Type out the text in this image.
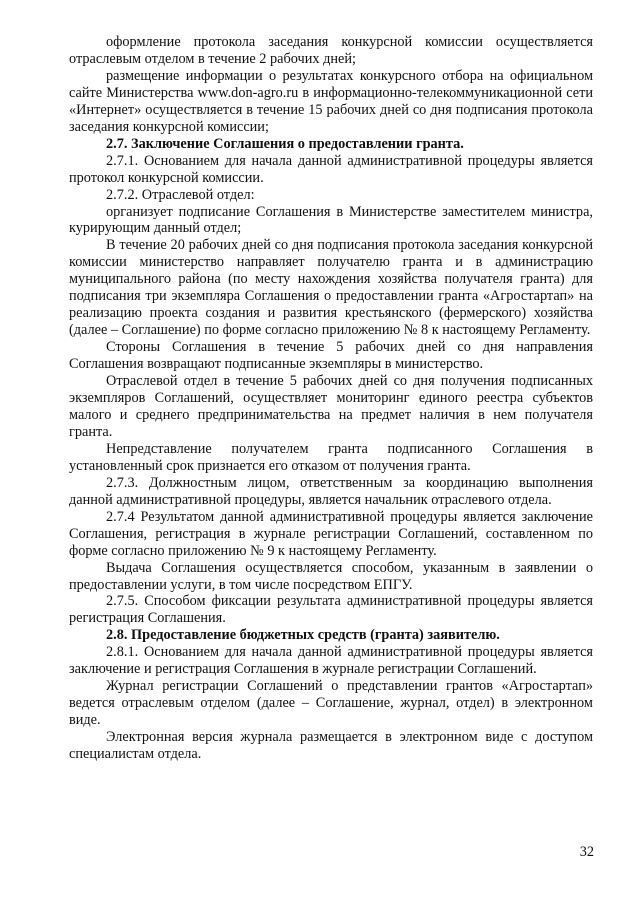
оформление протокола заседания конкурсной комиссии осуществляется отраслевым отделом в течение 2 рабочих дней;

размещение информации о результатах конкурсного отбора на официальном сайте Министерства www.don-agro.ru в информационно-телекоммуникационной сети «Интернет» осуществляется в течение 15 рабочих дней со дня подписания протокола заседания конкурсной комиссии;

2.7. Заключение Соглашения о предоставлении гранта.

2.7.1. Основанием для начала данной административной процедуры является протокол конкурсной комиссии.

2.7.2. Отраслевой отдел:

организует подписание Соглашения в Министерстве заместителем министра, курирующим данный отдел;

В течение 20 рабочих дней со дня подписания протокола заседания конкурсной комиссии министерство направляет получателю гранта и в администрацию муниципального района (по месту нахождения хозяйства получателя гранта) для подписания три экземпляра Соглашения о предоставлении гранта «Агростартап» на реализацию проекта создания и развития крестьянского (фермерского) хозяйства (далее – Соглашение) по форме согласно приложению № 8 к настоящему Регламенту.

Стороны Соглашения в течение 5 рабочих дней со дня направления Соглашения возвращают подписанные экземпляры в министерство.

Отраслевой отдел в течение 5 рабочих дней со дня получения подписанных экземпляров Соглашений, осуществляет мониторинг единого реестра субъектов малого и среднего предпринимательства на предмет наличия в нем получателя гранта.

Непредставление получателем гранта подписанного Соглашения в установленный срок признается его отказом от получения гранта.

2.7.3. Должностным лицом, ответственным за координацию выполнения данной административной процедуры, является начальник отраслевого отдела.

2.7.4 Результатом данной административной процедуры является заключение Соглашения, регистрация в журнале регистрации Соглашений, составленном по форме согласно приложению № 9 к настоящему Регламенту.

Выдача Соглашения осуществляется способом, указанным в заявлении о предоставлении услуги, в том числе посредством ЕПГУ.

2.7.5. Способом фиксации результата административной процедуры является регистрация Соглашения.

2.8. Предоставление бюджетных средств (гранта) заявителю.

2.8.1. Основанием для начала данной административной процедуры является заключение и регистрация Соглашения в журнале регистрации Соглашений.

Журнал регистрации Соглашений о представлении грантов «Агростартап» ведется отраслевым отделом (далее – Соглашение, журнал, отдел) в электронном виде.

Электронная версия журнала размещается в электронном виде с доступом специалистам отдела.

32
